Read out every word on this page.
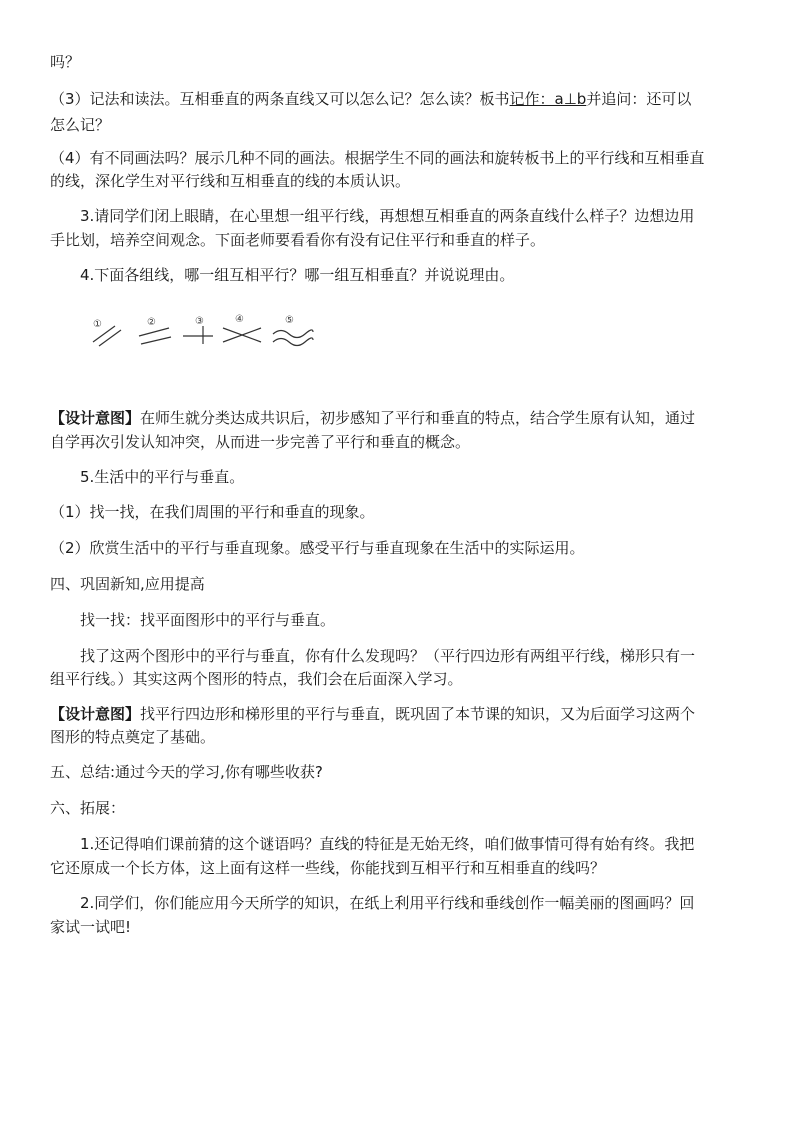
吗？
（3）记法和读法。互相垂直的两条直线又可以怎么记？怎么读？板书记作：a⊥b并追问：还可以
怎么记？
（4）有不同画法吗？展示几种不同的画法。根据学生不同的画法和旋转板书上的平行线和互相垂直
的线，深化学生对平行线和互相垂直的线的本质认识。
3.请同学们闭上眼睛，在心里想一组平行线，再想想互相垂直的两条直线什么样子？边想边用
手比划，培养空间观念。下面老师要看看你有没有记住平行和垂直的样子。
4.下面各组线，哪一组互相平行？哪一组互相垂直？并说说理由。
①	②	③	④	⑤
【设计意图】在师生就分类达成共识后，初步感知了平行和垂直的特点，结合学生原有认知，通过
自学再次引发认知冲突，从而进一步完善了平行和垂直的概念。
5.生活中的平行与垂直。
（1）找一找，在我们周围的平行和垂直的现象。
（2）欣赏生活中的平行与垂直现象。感受平行与垂直现象在生活中的实际运用。
四、巩固新知,应用提高
找一找：找平面图形中的平行与垂直。
找了这两个图形中的平行与垂直，你有什么发现吗？（平行四边形有两组平行线，梯形只有一
组平行线。）其实这两个图形的特点，我们会在后面深入学习。
【设计意图】找平行四边形和梯形里的平行与垂直，既巩固了本节课的知识，又为后面学习这两个
图形的特点奠定了基础。
五、总结:通过今天的学习,你有哪些收获?
六、拓展：
1.还记得咱们课前猜的这个谜语吗？直线的特征是无始无终，咱们做事情可得有始有终。我把
它还原成一个长方体，这上面有这样一些线，你能找到互相平行和互相垂直的线吗？
2.同学们，你们能应用今天所学的知识，在纸上利用平行线和垂线创作一幅美丽的图画吗？回
家试一试吧!
